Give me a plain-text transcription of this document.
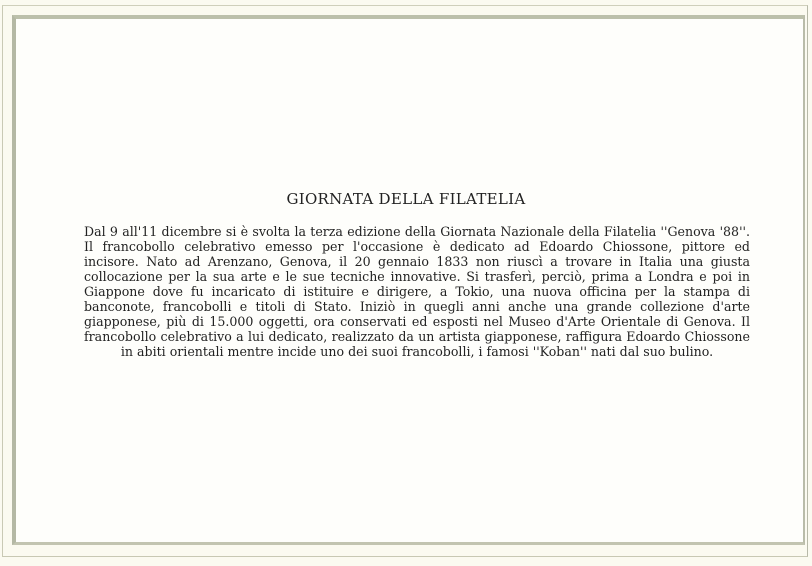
GIORNATA DELLA FILATELIA
Dal 9 all'11 dicembre si è svolta la terza edizione della Giornata Nazionale della Filatelia ''Genova '88''.
Il francobollo celebrativo emesso per l'occasione è dedicato ad Edoardo Chiossone, pittore ed
incisore. Nato ad Arenzano, Genova, il 20 gennaio 1833 non riuscì a trovare in Italia una giusta
collocazione per la sua arte e le sue tecniche innovative. Si trasferì, perciò, prima a Londra e poi in
Giappone dove fu incaricato di istituire e dirigere, a Tokio, una nuova officina per la stampa di
banconote, francobolli e titoli di Stato. Iniziò in quegli anni anche una grande collezione d'arte
giapponese, più di 15.000 oggetti, ora conservati ed esposti nel Museo d'Arte Orientale di Genova. Il
francobollo celebrativo a lui dedicato, realizzato da un artista giapponese, raffigura Edoardo Chiossone
in abiti orientali mentre incide uno dei suoi francobolli, i famosi ''Koban'' nati dal suo bulino.
